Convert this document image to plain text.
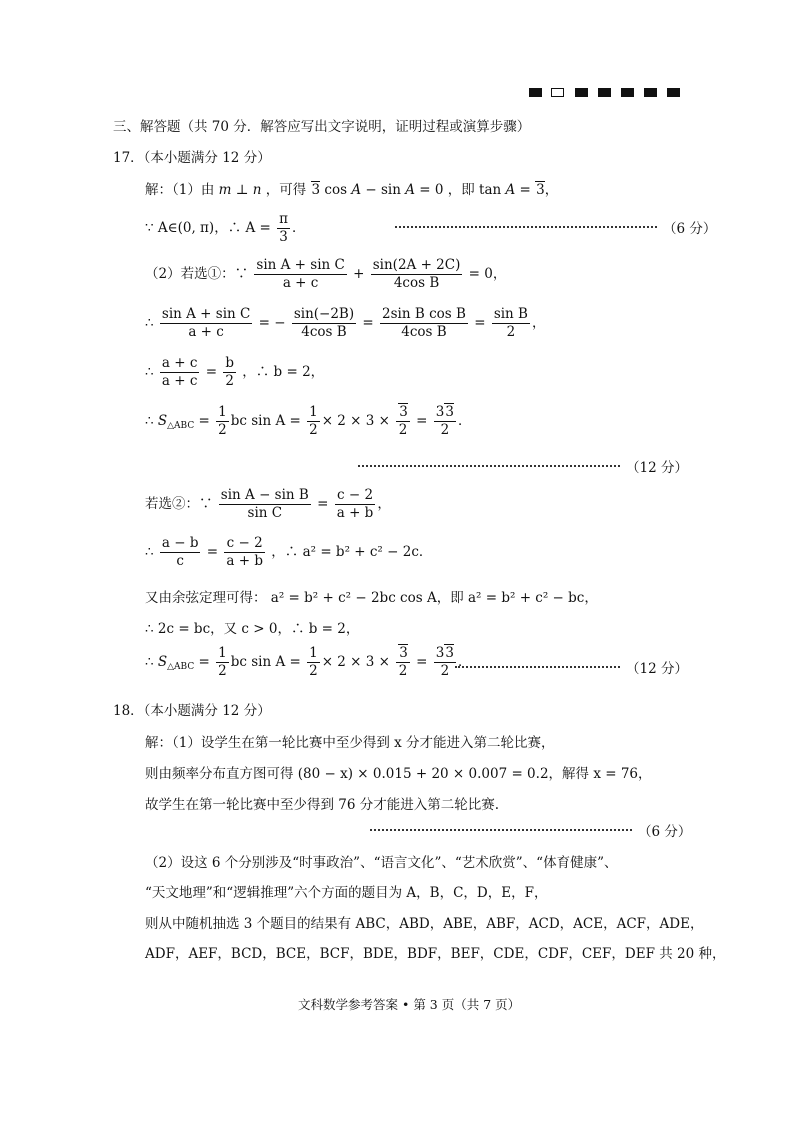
三、解答题（共 70 分．解答应写出文字说明，证明过程或演算步骤）
17．（本小题满分 12 分）
解：（1）由 m ⊥ n ，可得 3 cos A − sin A = 0 ，即 tan A = 3，
∵ A∈(0, π)，∴ $A = \frac{\pi}{3}$ ．	（6 分）
（2）若选①：∵ $\frac{\text{sin A + sin C}}{a + c} + \frac{\sin(2A + 2C)}{\text{4cos B}} = 0$，
∴ $\frac{\text{sin A + sin C}}{a + c}$ = − $\frac{\sin(-2B)}{\text{4cos B}} = \frac{\text{2sin B cos B}}{\text{4cos B}} = \frac{\text{sin B}}{2}$ ，
∴ $\frac{a + c}{a + c} = \frac{b}{2}$ ，∴ b = 2，
∴ $S_{\triangle ABC} = \frac{1}{2}$ bc $\sin A = \frac{1}{2} \times 2 \times 3 \times \frac{3}{2} = \frac{33}{2}$ ．
（12 分）
若选②：∵ $\frac{\text{sin A − sin B}}{\text{sin C}} = \frac{c - 2}{a + b}$ ，
∴ $\frac{a - b}{c} = \frac{c - 2}{a + b}$ ，∴ a² = b² + c² − 2c．
又由余弦定理可得： a² = b² + c² − 2bc cos A，即 a² = b² + c² − bc，
∴ 2c = bc，又 c > 0，∴ b = 2，
∴ $S_{\triangle ABC} = \frac{1}{2}$ bc $\sin A = \frac{1}{2} \times 2 \times 3 \times \frac{3}{2} = \frac{33}{2}$ ．	（12 分）
18．（本小题满分 12 分）
解：（1）设学生在第一轮比赛中至少得到 x 分才能进入第二轮比赛，
则由频率分布直方图可得 (80 − x) × 0.015 + 20 × 0.007 = 0.2，解得 x = 76，
故学生在第一轮比赛中至少得到 76 分才能进入第二轮比赛.
（6 分）
（2）设这 6 个分别涉及“时事政治”、“语言文化”、“艺术欣赏”、“体育健康”、
“天文地理”和“逻辑推理”六个方面的题目为 A，B，C，D，E，F，
则从中随机抽选 3 个题目的结果有 ABC，ABD，ABE，ABF，ACD，ACE，ACF，ADE，
ADF，AEF，BCD，BCE，BCF，BDE，BDF，BEF，CDE，CDF，CEF，DEF 共 20 种，
文科数学参考答案 • 第 3 页（共 7 页）
